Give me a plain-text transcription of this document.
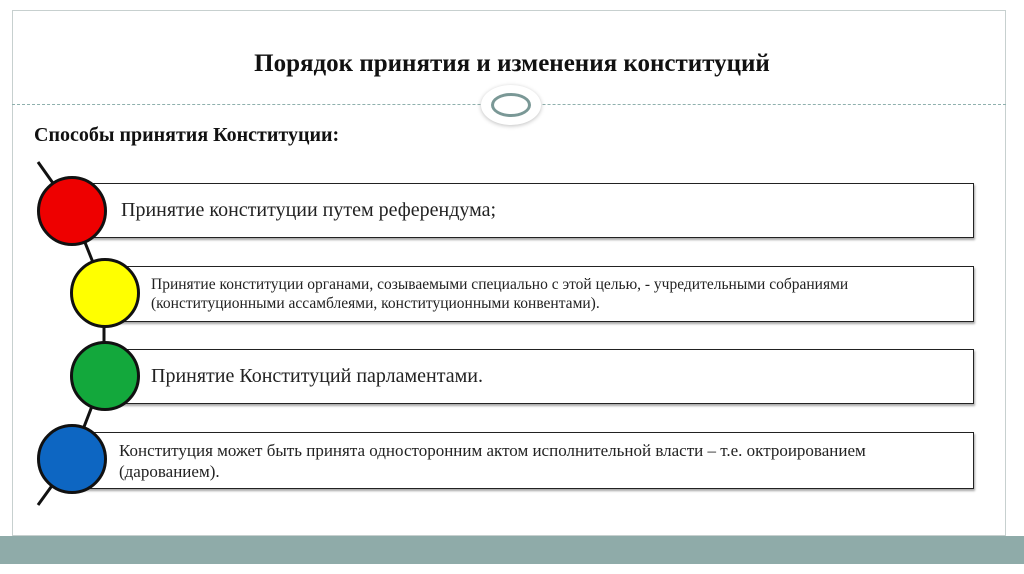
Порядок принятия и изменения конституций
Способы принятия Конституции:
Принятие конституции путем референдума;
Принятие конституции органами, созываемыми специально с этой целью, - учредительными собраниями (конституционными ассамблеями, конституционными конвентами).
Принятие Конституций парламентами.
Конституция может быть принята односторонним актом исполнительной власти – т.е. октроированием (дарованием).
